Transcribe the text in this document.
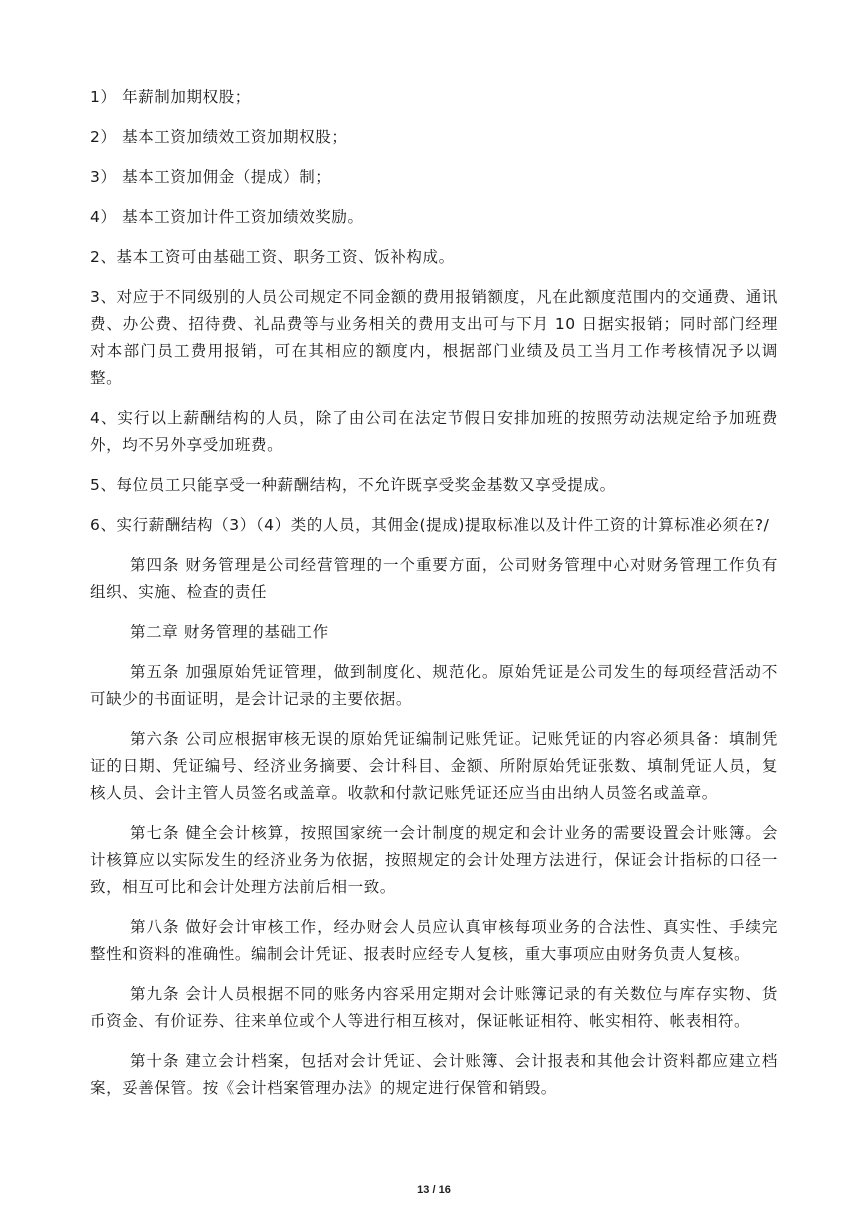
1） 年薪制加期权股；

2） 基本工资加绩效工资加期权股；

3） 基本工资加佣金（提成）制；

4） 基本工资加计件工资加绩效奖励。

2、基本工资可由基础工资、职务工资、饭补构成。

3、对应于不同级别的人员公司规定不同金额的费用报销额度，凡在此额度范围内的交通费、通讯费、办公费、招待费、礼品费等与业务相关的费用支出可与下月 10 日据实报销；同时部门经理对本部门员工费用报销，可在其相应的额度内，根据部门业绩及员工当月工作考核情况予以调整。

4、实行以上薪酬结构的人员，除了由公司在法定节假日安排加班的按照劳动法规定给予加班费外，均不另外享受加班费。

5、每位员工只能享受一种薪酬结构，不允许既享受奖金基数又享受提成。

6、实行薪酬结构（3）（4）类的人员，其佣金(提成)提取标准以及计件工资的计算标准必须在?/

第四条 财务管理是公司经营管理的一个重要方面，公司财务管理中心对财务管理工作负有组织、实施、检查的责任

第二章 财务管理的基础工作

第五条 加强原始凭证管理，做到制度化、规范化。原始凭证是公司发生的每项经营活动不可缺少的书面证明，是会计记录的主要依据。

第六条 公司应根据审核无误的原始凭证编制记账凭证。记账凭证的内容必须具备：填制凭证的日期、凭证编号、经济业务摘要、会计科目、金额、所附原始凭证张数、填制凭证人员，复核人员、会计主管人员签名或盖章。收款和付款记账凭证还应当由出纳人员签名或盖章。

第七条 健全会计核算，按照国家统一会计制度的规定和会计业务的需要设置会计账簿。会计核算应以实际发生的经济业务为依据，按照规定的会计处理方法进行，保证会计指标的口径一致，相互可比和会计处理方法前后相一致。

第八条 做好会计审核工作，经办财会人员应认真审核每项业务的合法性、真实性、手续完整性和资料的准确性。编制会计凭证、报表时应经专人复核，重大事项应由财务负责人复核。

第九条 会计人员根据不同的账务内容采用定期对会计账簿记录的有关数位与库存实物、货币资金、有价证券、往来单位或个人等进行相互核对，保证帐证相符、帐实相符、帐表相符。

第十条 建立会计档案，包括对会计凭证、会计账簿、会计报表和其他会计资料都应建立档案，妥善保管。按《会计档案管理办法》的规定进行保管和销毁。

13 / 16
